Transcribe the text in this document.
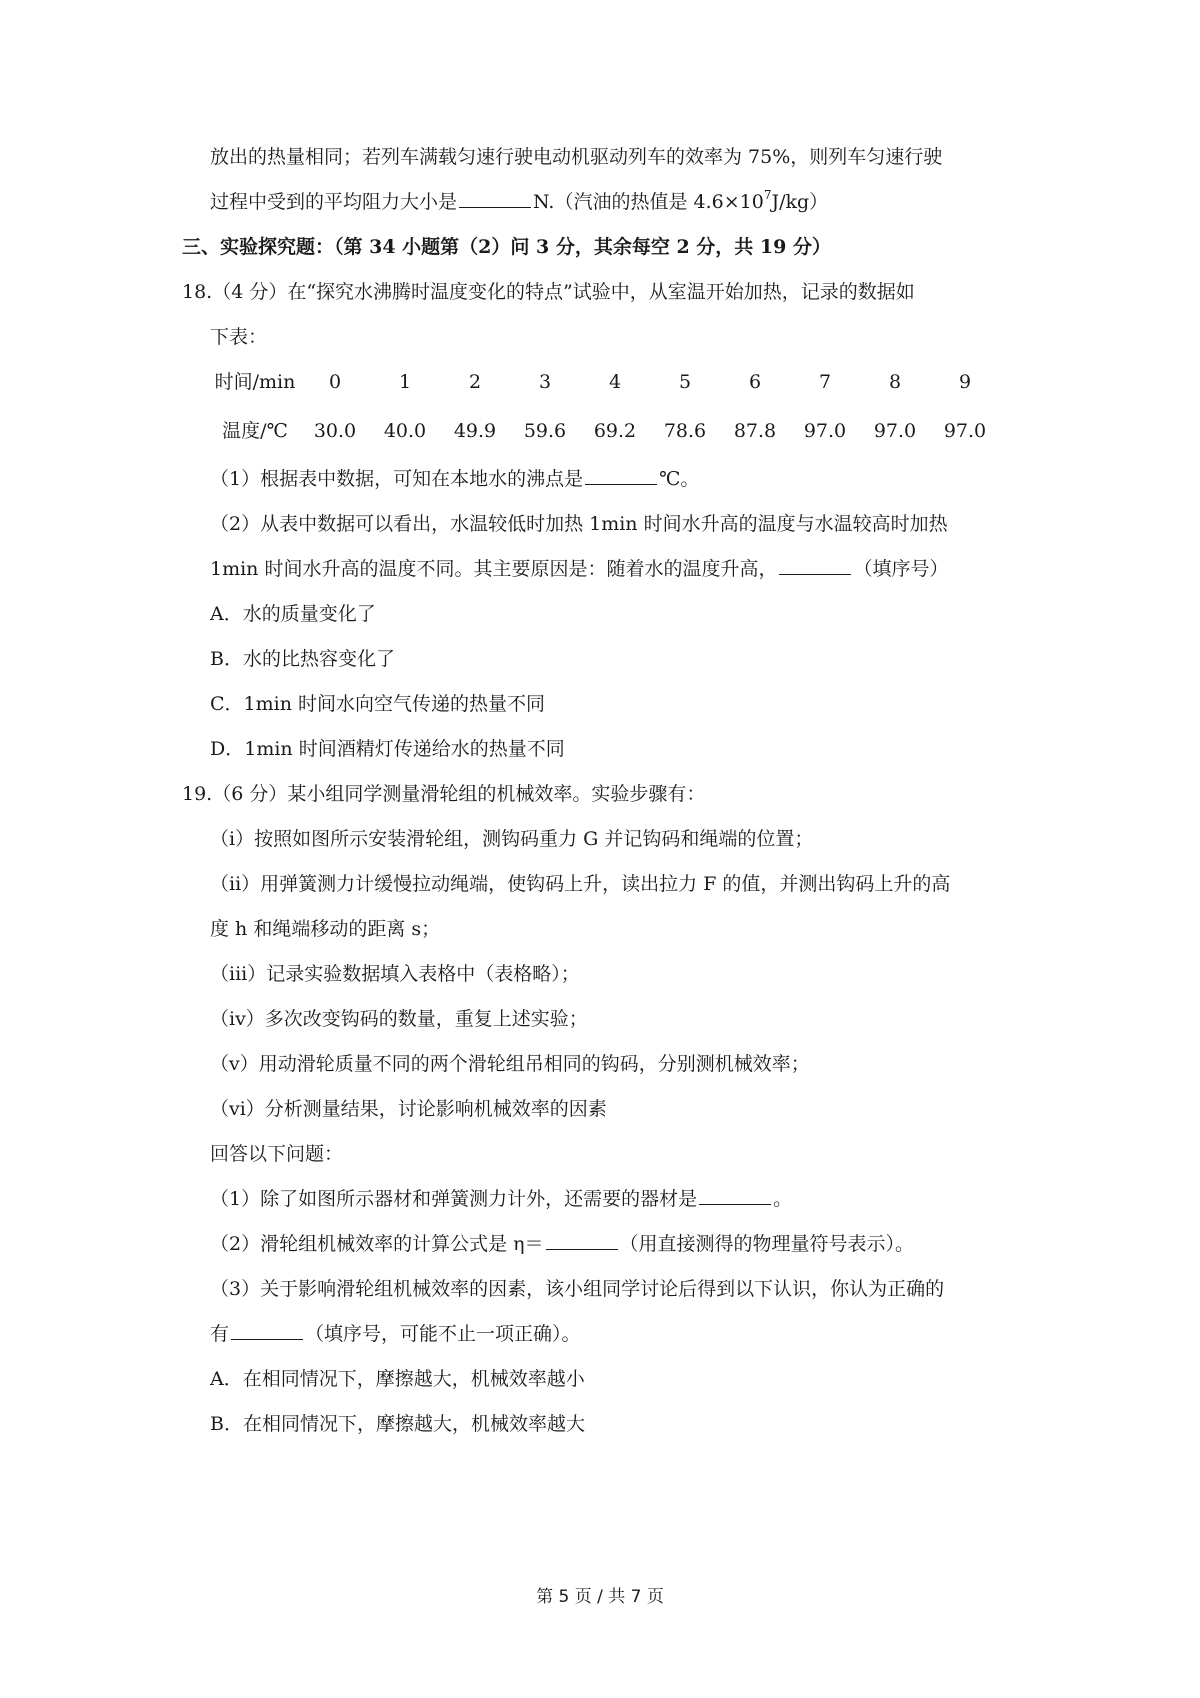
放出的热量相同；若列车满载匀速行驶电动机驱动列车的效率为 75%，则列车匀速行驶
过程中受到的平均阻力大小是	N.（汽油的热值是 $4.6\times 10^7J/kg$）
三、实验探究题：（第 34 小题第（2）问 3 分，其余每空 2 分，共 19 分）
18.（4 分）在“探究水沸腾时温度变化的特点”试验中，从室温开始加热，记录的数据如
下表：
时间/min	0	1	2	3	4	5	6	7	8	9
温度/℃	30.0	40.0	49.9	59.6	69.2	78.6	87.8	97.0	97.0	97.0
（1）根据表中数据，可知在本地水的沸点是	℃。
（2）从表中数据可以看出，水温较低时加热 1min 时间水升高的温度与水温较高时加热
1min 时间水升高的温度不同。其主要原因是：随着水的温度升高，	（填序号）
A．水的质量变化了
B．水的比热容变化了
C．1min 时间水向空气传递的热量不同
D．1min 时间酒精灯传递给水的热量不同
19.（6 分）某小组同学测量滑轮组的机械效率。实验步骤有：
（i）按照如图所示安装滑轮组，测钩码重力 G 并记钩码和绳端的位置；
（ii）用弹簧测力计缓慢拉动绳端，使钩码上升，读出拉力 F 的值，并测出钩码上升的高
度 h 和绳端移动的距离 s；
（iii）记录实验数据填入表格中（表格略）；
（iv）多次改变钩码的数量，重复上述实验；
（v）用动滑轮质量不同的两个滑轮组吊相同的钩码，分别测机械效率；
（vi）分析测量结果，讨论影响机械效率的因素
回答以下问题：
（1）除了如图所示器材和弹簧测力计外，还需要的器材是	。
（2）滑轮组机械效率的计算公式是 η＝	（用直接测得的物理量符号表示）。
（3）关于影响滑轮组机械效率的因素，该小组同学讨论后得到以下认识，你认为正确的
有	（填序号，可能不止一项正确）。
A．在相同情况下，摩擦越大，机械效率越小
B．在相同情况下，摩擦越大，机械效率越大
第 5 页 / 共 7 页
